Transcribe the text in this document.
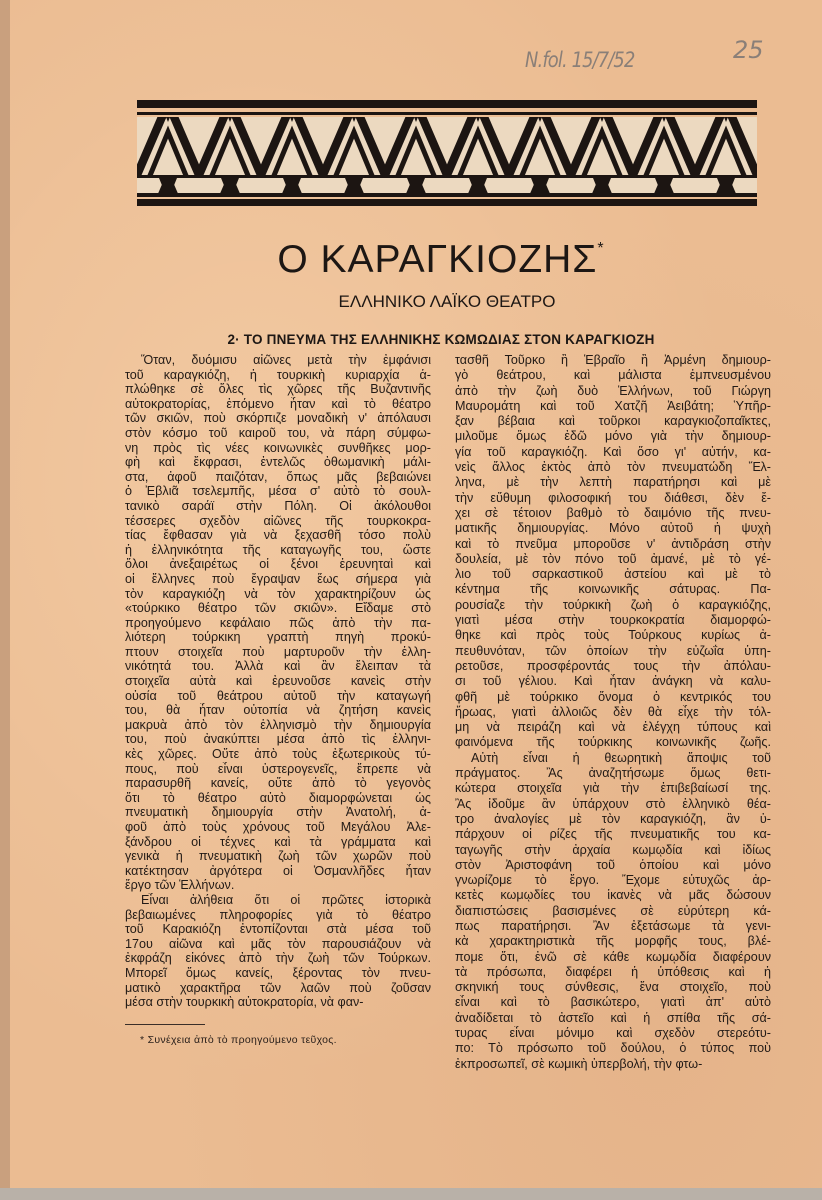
N.fol. 15/7/52	25
Ο ΚΑΡΑΓΚΙΟΖΗΣ*
ΕΛΛΗΝΙΚΟ ΛΑΪΚΟ ΘΕΑΤΡΟ
2· ΤΟ ΠΝΕΥΜΑ ΤΗΣ ΕΛΛΗΝΙΚΗΣ ΚΩΜΩΔΙΑΣ ΣΤΟΝ ΚΑΡΑΓΚΙΟΖΗ
Ὅταν, δυόμισυ αἰῶνες μετὰ τὴν ἐμφάνισι
τοῦ καραγκιόζη, ἡ τουρκικὴ κυριαρχία ἁ-
πλώθηκε σὲ ὅλες τὶς χῶρες τῆς Βυζαντινῆς
αὐτοκρατορίας, ἑπόμενο ἦταν καὶ τὸ θέατρο
τῶν σκιῶν, ποὺ σκόρπιζε μοναδικὴ ν' ἀπόλαυσι
στὸν κόσμο τοῦ καιροῦ του, νὰ πάρη σύμφω-
νη πρὸς τὶς νέες κοινωνικὲς συνθῆκες μορ-
φὴ καὶ ἔκφρασι, ἐντελῶς ὀθωμανικὴ μάλι-
στα, ἀφοῦ παιζόταν, ὅπως μᾶς βεβαιώνει
ὁ Ἐβλιᾶ τσελεμπῆς, μέσα σ' αὐτὸ τὸ σουλ-
τανικὸ σαράϊ στὴν Πόλη. Οἱ ἀκόλουθοι
τέσσερες σχεδὸν αἰῶνες τῆς τουρκοκρα-
τίας ἔφθασαν γιὰ νὰ ξεχασθῆ τόσο πολὺ
ἡ ἑλληνικότητα τῆς καταγωγῆς του, ὥστε
ὅλοι ἀνεξαιρέτως οἱ ξένοι ἐρευνηταὶ καὶ
οἱ ἕλληνες ποὺ ἔγραψαν ἕως σήμερα γιὰ
τὸν καραγκιόζη νὰ τὸν χαρακτηρίζουν ὡς
«τούρκικο θέατρο τῶν σκιῶν». Εἴδαμε στὸ
προηγούμενο κεφάλαιο πῶς ἀπὸ τὴν πα-
λιότερη τούρκικη γραπτὴ πηγὴ προκύ-
πτουν στοιχεῖα ποὺ μαρτυροῦν τὴν ἑλλη-
νικότητά του. Ἀλλὰ καὶ ἂν ἔλειπαν τὰ
στοιχεῖα αὐτὰ καὶ ἐρευνοῦσε κανεὶς στὴν
οὐσία τοῦ θεάτρου αὐτοῦ τὴν καταγωγή
του, θὰ ἦταν οὐτοπία νὰ ζητήση κανεὶς
μακρυὰ ἀπὸ τὸν ἑλληνισμὸ τὴν δημιουργία
του, ποὺ ἀνακύπτει μέσα ἀπὸ τὶς ἑλληνι-
κὲς χῶρες. Οὔτε ἀπὸ τοὺς ἐξωτερικοὺς τύ-
πους, ποὺ εἶναι ὑστερογενεῖς, ἔπρεπε νὰ
παρασυρθῆ κανείς, οὔτε ἀπὸ τὸ γεγονὸς
ὅτι τὸ θέατρο αὐτὸ διαμορφώνεται ὡς
πνευματικὴ δημιουργία στὴν Ἀνατολή, ἀ-
φοῦ ἀπὸ τοὺς χρόνους τοῦ Μεγάλου Ἀλε-
ξάνδρου οἱ τέχνες καὶ τὰ γράμματα καὶ
γενικὰ ἡ πνευματικὴ ζωὴ τῶν χωρῶν ποὺ
κατέκτησαν ἀργότερα οἱ Ὀσμανλῆδες ἦταν
ἔργο τῶν Ἑλλήνων.
Εἶναι ἀλήθεια ὅτι οἱ πρῶτες ἱστορικὰ
βεβαιωμένες πληροφορίες γιὰ τὸ θέατρο
τοῦ Καρακιόζη ἐντοπίζονται στὰ μέσα τοῦ
17ου αἰῶνα καὶ μᾶς τὸν παρουσιάζουν νὰ
ἐκφράζη εἰκόνες ἀπὸ τὴν ζωὴ τῶν Τούρκων.
Μπορεῖ ὅμως κανείς, ξέροντας τὸν πνευ-
ματικὸ χαρακτῆρα τῶν λαῶν ποὺ ζοῦσαν
μέσα στὴν τουρκικὴ αὐτοκρατορία, νὰ φαν-
τασθῆ Τοῦρκο ἢ Ἑβραῖο ἢ Ἀρμένη δημιουρ-
γὸ θεάτρου, καὶ μάλιστα ἐμπνευσμένου
ἀπὸ τὴν ζωὴ δυὸ Ἑλλήνων, τοῦ Γιώργη
Μαυρομάτη καὶ τοῦ Χατζῆ Ἀειβάτη; Ὑπῆρ-
ξαν βέβαια καὶ τοῦρκοι καραγκιοζοπαῖκτες,
μιλοῦμε ὅμως ἐδῶ μόνο γιὰ τὴν δημιουρ-
γία τοῦ καραγκιόζη. Καὶ ὅσο γι' αὐτήν, κα-
νεὶς ἄλλος ἐκτὸς ἀπὸ τὸν πνευματώδη Ἕλ-
ληνα, μὲ τὴν λεπτὴ παρατήρησι καὶ μὲ
τὴν εὔθυμη φιλοσοφική του διάθεσι, δὲν ἔ-
χει σὲ τέτοιον βαθμὸ τὸ δαιμόνιο τῆς πνευ-
ματικῆς δημιουργίας. Μόνο αὐτοῦ ἡ ψυχὴ
καὶ τὸ πνεῦμα μποροῦσε ν' ἀντιδράση στὴν
δουλεία, μὲ τὸν πόνο τοῦ ἀμανέ, μὲ τὸ γέ-
λιο τοῦ σαρκαστικοῦ ἀστείου καὶ μὲ τὸ
κέντημα τῆς κοινωνικῆς σάτυρας. Πα-
ρουσίαζε τὴν τούρκικὴ ζωὴ ὁ καραγκιόζης,
γιατὶ μέσα στὴν τουρκοκρατία διαμορφώ-
θηκε καὶ πρὸς τοὺς Τούρκους κυρίως ἀ-
πευθυνόταν, τῶν ὁποίων τὴν εὐζωΐα ὑπη-
ρετοῦσε, προσφέροντάς τους τὴν ἀπόλαυ-
σι τοῦ γέλιου. Καὶ ἦταν ἀνάγκη νὰ καλυ-
φθῆ μὲ τούρκικο ὄνομα ὁ κεντρικός του
ἥρωας, γιατὶ ἀλλοιῶς δὲν θὰ εἶχε τὴν τόλ-
μη νὰ πειράζη καὶ νὰ ἐλέγχη τύπους καὶ
φαινόμενα τῆς τούρκικης κοινωνικῆς ζωῆς.
Αὐτὴ εἶναι ἡ θεωρητικὴ ἄποψις τοῦ
πράγματος. Ἂς ἀναζητήσωμε ὅμως θετι-
κώτερα στοιχεῖα γιὰ τὴν ἐπιβεβαίωσί της.
Ἂς ἰδοῦμε ἂν ὑπάρχουν στὸ ἑλληνικὸ θέα-
τρο ἀναλογίες μὲ τὸν καραγκιόζη, ἂν ὑ-
πάρχουν οἱ ρίζες τῆς πνευματικῆς του κα-
ταγωγῆς στὴν ἀρχαία κωμῳδία καὶ ἰδίως
στὸν Ἀριστοφάνη τοῦ ὁποίου καὶ μόνο
γνωρίζομε τὸ ἔργο. Ἔχομε εὐτυχῶς ἀρ-
κετὲς κωμῳδίες του ἱκανὲς νὰ μᾶς δώσουν
διαπιστώσεις βασισμένες σὲ εὐρύτερη κά-
πως παρατήρησι. Ἂν ἐξετάσωμε τὰ γενι-
κὰ χαρακτηριστικὰ τῆς μορφῆς τους, βλέ-
πομε ὅτι, ἐνῶ σὲ κάθε κωμῳδία διαφέρουν
τὰ πρόσωπα, διαφέρει ἡ ὑπόθεσις καὶ ἡ
σκηνική τους σύνθεσις, ἕνα στοιχεῖο, ποὺ
εἶναι καὶ τὸ βασικώτερο, γιατὶ ἀπ' αὐτὸ
ἀναδίδεται τὸ ἀστεῖο καὶ ἡ σπίθα τῆς σά-
τυρας εἶναι μόνιμο καὶ σχεδὸν στερεότυ-
πο: Τὸ πρόσωπο τοῦ δούλου, ὁ τύπος ποὺ
ἐκπροσωπεῖ, σὲ κωμικὴ ὑπερβολή, τὴν φτω-
* Συνέχεια ἀπὸ τὸ προηγούμενο τεῦχος.
